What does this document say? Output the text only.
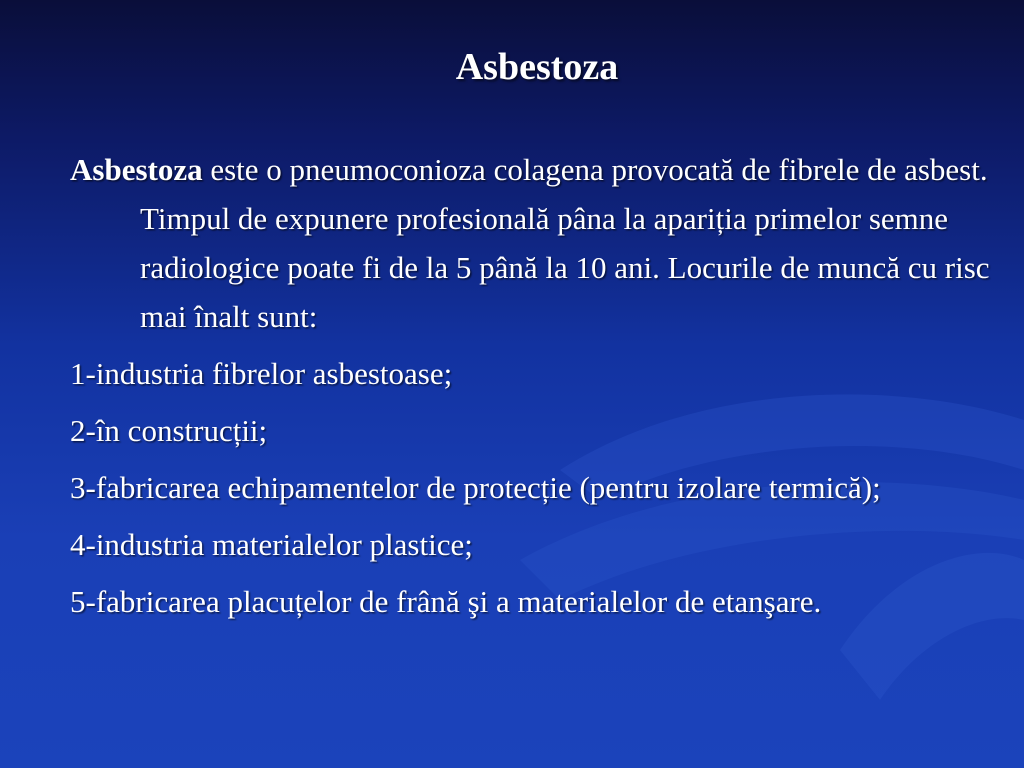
Asbestoza
Asbestoza este o pneumoconioza colagena provocată de fibrele de asbest. Timpul de expunere profesională pâna la apariția primelor semne radiologice poate fi de la 5 până la 10 ani. Locurile de muncă cu risc mai înalt sunt:
1-industria fibrelor asbestoase;
2-în construcții;
3-fabricarea echipamentelor de protecție (pentru izolare termică);
4-industria materialelor plastice;
5-fabricarea placuțelor de frână şi a materialelor de etanşare.
